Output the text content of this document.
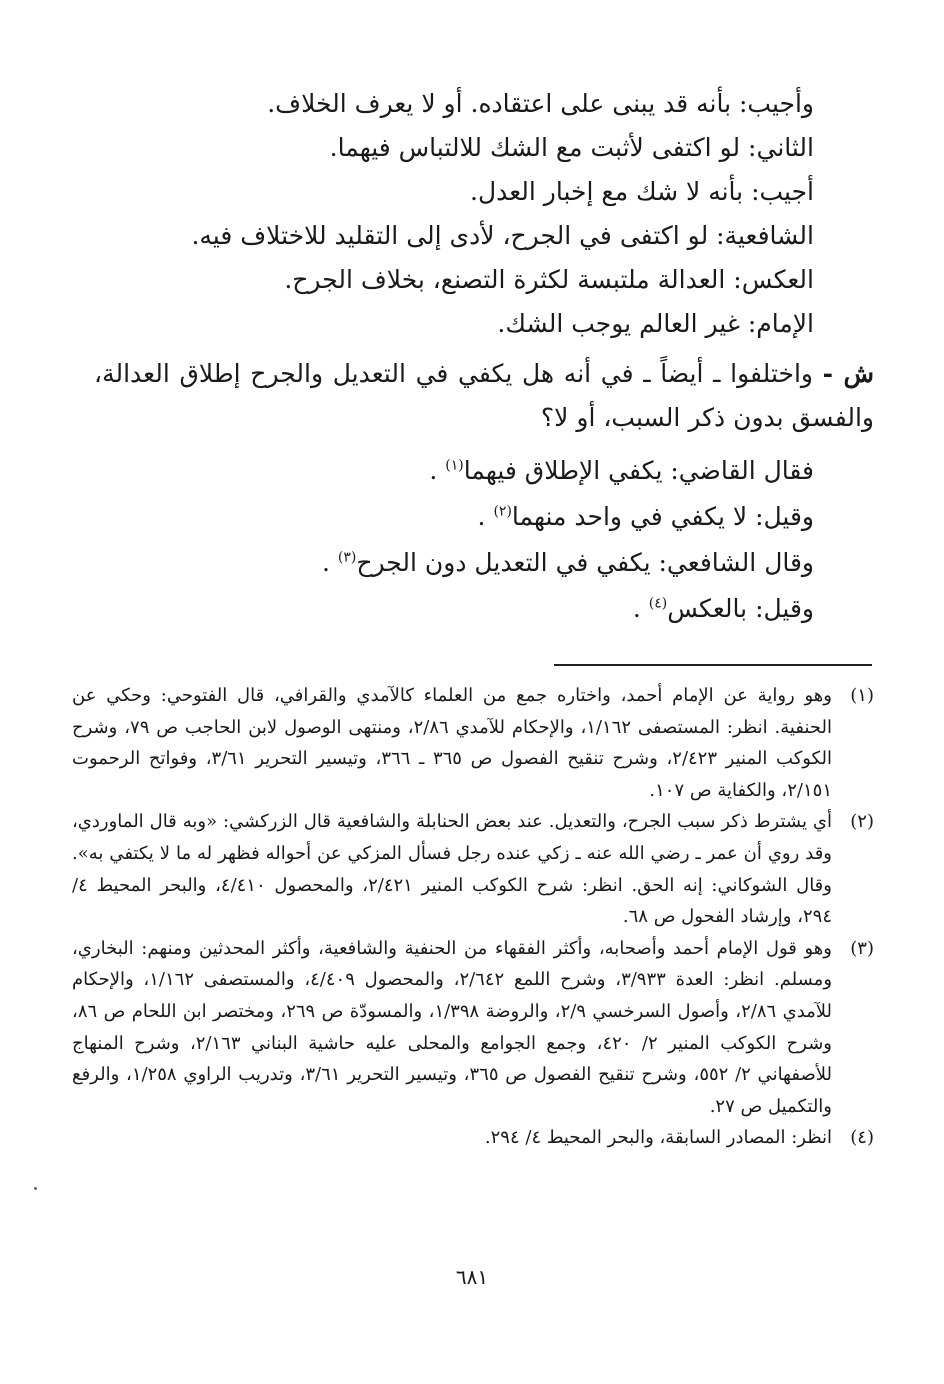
وأجيب: بأنه قد يبنى على اعتقاده. أو لا يعرف الخلاف.

الثاني: لو اكتفى لأثبت مع الشك للالتباس فيهما.

أجيب: بأنه لا شك مع إخبار العدل.

الشافعية: لو اكتفى في الجرح، لأدى إلى التقليد للاختلاف فيه.

العكس: العدالة ملتبسة لكثرة التصنع، بخلاف الجرح.

الإمام: غير العالم يوجب الشك.

ش - واختلفوا ـ أيضاً ـ في أنه هل يكفي في التعديل والجرح إطلاق العدالة، والفسق بدون ذكر السبب، أو لا؟

فقال القاضي: يكفي الإطلاق فيهما$^{(١)}$ .

وقيل: لا يكفي في واحد منهما$^{(٢)}$ .

وقال الشافعي: يكفي في التعديل دون الجرح$^{(٣)}$ .

وقيل: بالعكس$^{(٤)}$ .

(١)
وهو رواية عن الإمام أحمد، واختاره جمع من العلماء كالآمدي والقرافي، قال الفتوحي: وحكي عن الحنفية. انظر: المستصفى ١/١٦٢، والإحكام للآمدي ٢/٨٦، ومنتهى الوصول لابن الحاجب ص ٧٩، وشرح الكوكب المنير ٢/٤٢٣، وشرح تنقيح الفصول ص ٣٦٥ ـ ٣٦٦، وتيسير التحرير ٣/٦١، وفواتح الرحموت ٢/١٥١، والكفاية ص ١٠٧.
(٢)
أي يشترط ذكر سبب الجرح، والتعديل. عند بعض الحنابلة والشافعية قال الزركشي: «وبه قال الماوردي، وقد روي أن عمر ـ رضي الله عنه ـ زكي عنده رجل فسأل المزكي عن أحواله فظهر له ما لا يكتفي به». وقال الشوكاني: إنه الحق. انظر: شرح الكوكب المنير ٢/٤٢١، والمحصول ٤/٤١٠، والبحر المحيط ٤/ ٢٩٤، وإرشاد الفحول ص ٦٨.
(٣)
وهو قول الإمام أحمد وأصحابه، وأكثر الفقهاء من الحنفية والشافعية، وأكثر المحدثين ومنهم: البخاري، ومسلم. انظر: العدة ٣/٩٣٣، وشرح اللمع ٢/٦٤٢، والمحصول ٤/٤٠٩، والمستصفى ١/١٦٢، والإحكام للآمدي ٢/٨٦، وأصول السرخسي ٢/٩، والروضة ١/٣٩٨، والمسودّة ص ٢٦٩، ومختصر ابن اللحام ص ٨٦، وشرح الكوكب المنير ٢/ ٤٢٠، وجمع الجوامع والمحلى عليه حاشية البناني ٢/١٦٣، وشرح المنهاج للأصفهاني ٢/ ٥٥٢، وشرح تنقيح الفصول ص ٣٦٥، وتيسير التحرير ٣/٦١، وتدريب الراوي ١/٢٥٨، والرفع والتكميل ص ٢٧.
(٤)
انظر: المصادر السابقة، والبحر المحيط ٤/ ٢٩٤.
٦٨١
